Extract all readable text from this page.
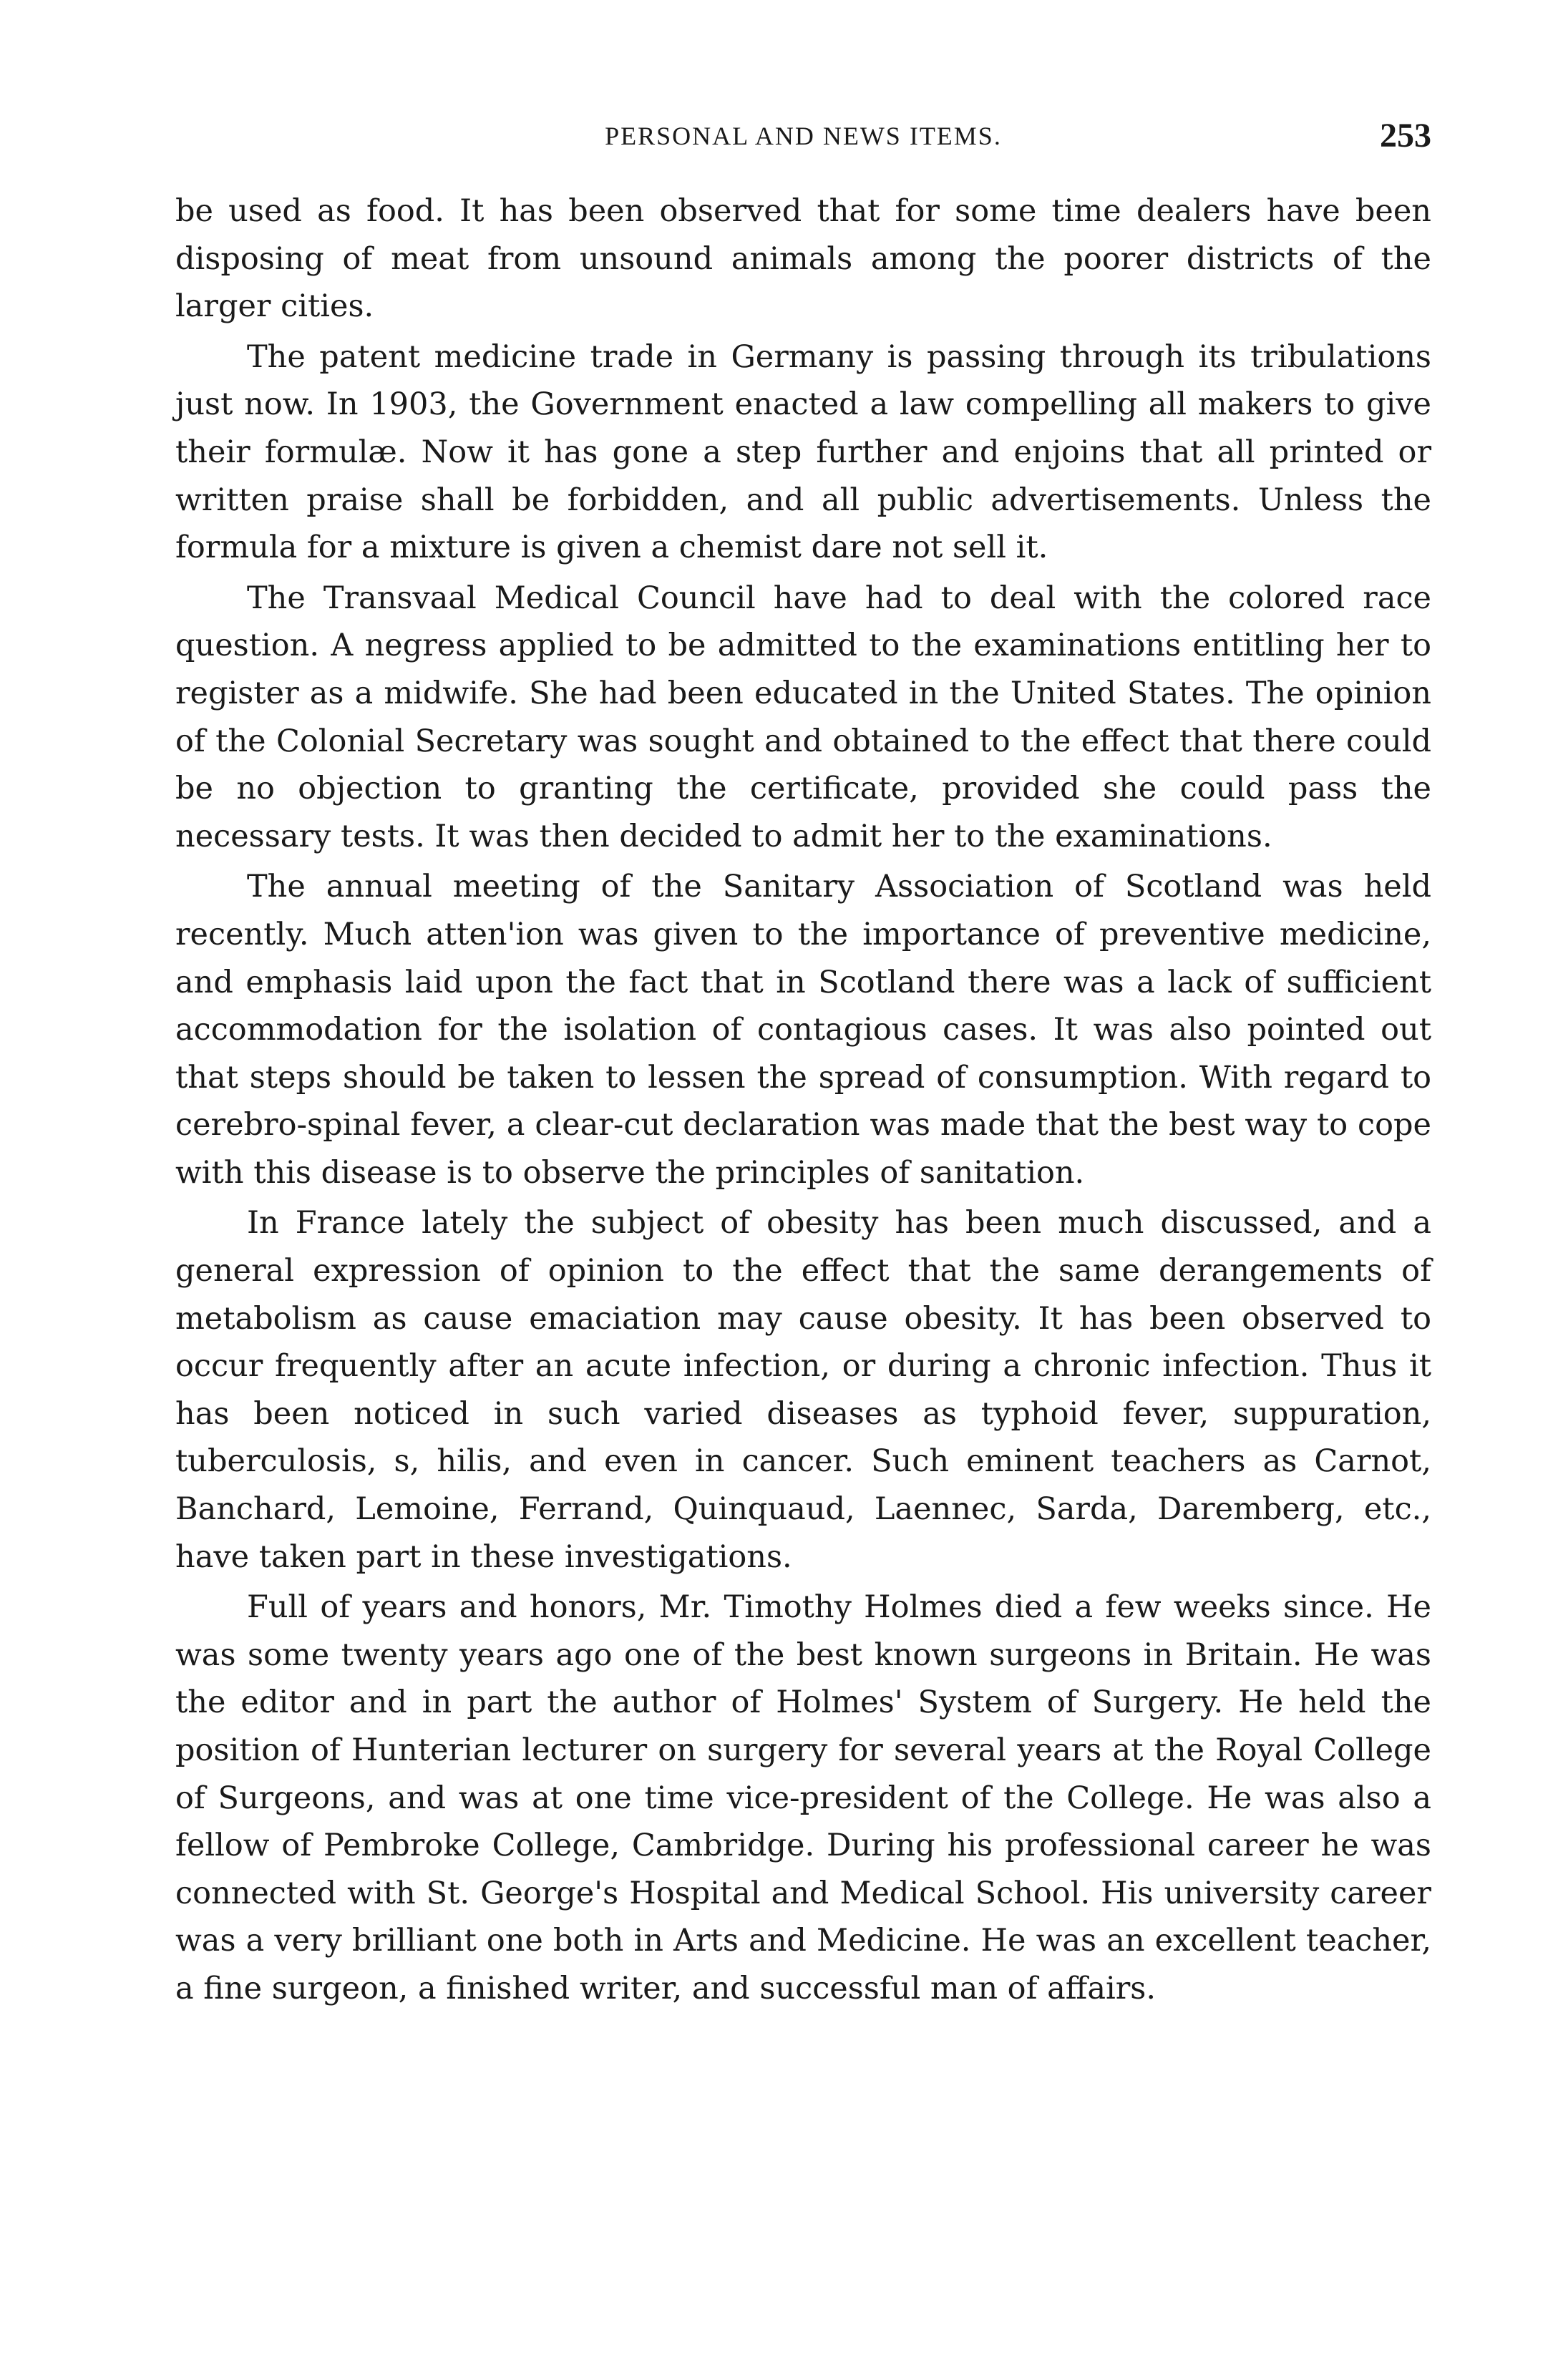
PERSONAL AND NEWS ITEMS.	253

be used as food. It has been observed that for some time dealers have been disposing of meat from unsound animals among the poorer districts of the larger cities.

The patent medicine trade in Germany is passing through its tribulations just now. In 1903, the Government enacted a law compelling all makers to give their formulæ. Now it has gone a step further and enjoins that all printed or written praise shall be forbidden, and all public advertisements. Unless the formula for a mixture is given a chemist dare not sell it.

The Transvaal Medical Council have had to deal with the colored race question. A negress applied to be admitted to the examinations entitling her to register as a midwife. She had been educated in the United States. The opinion of the Colonial Secretary was sought and obtained to the effect that there could be no objection to granting the certificate, provided she could pass the necessary tests. It was then decided to admit her to the examinations.

The annual meeting of the Sanitary Association of Scotland was held recently. Much atten'ion was given to the importance of preventive medicine, and emphasis laid upon the fact that in Scotland there was a lack of sufficient accommodation for the isolation of contagious cases. It was also pointed out that steps should be taken to lessen the spread of consumption. With regard to cerebro-spinal fever, a clear-cut declaration was made that the best way to cope with this disease is to observe the principles of sanitation.

In France lately the subject of obesity has been much discussed, and a general expression of opinion to the effect that the same derangements of metabolism as cause emaciation may cause obesity. It has been observed to occur frequently after an acute infection, or during a chronic infection. Thus it has been noticed in such varied diseases as typhoid fever, suppuration, tuberculosis, s, hilis, and even in cancer. Such eminent teachers as Carnot, Banchard, Lemoine, Ferrand, Quinquaud, Laennec, Sarda, Daremberg, etc., have taken part in these investigations.

Full of years and honors, Mr. Timothy Holmes died a few weeks since. He was some twenty years ago one of the best known surgeons in Britain. He was the editor and in part the author of Holmes' System of Surgery. He held the position of Hunterian lecturer on surgery for several years at the Royal College of Surgeons, and was at one time vice-president of the College. He was also a fellow of Pembroke College, Cambridge. During his professional career he was connected with St. George's Hospital and Medical School. His university career was a very brilliant one both in Arts and Medicine. He was an excellent teacher, a fine surgeon, a finished writer, and successful man of affairs.
